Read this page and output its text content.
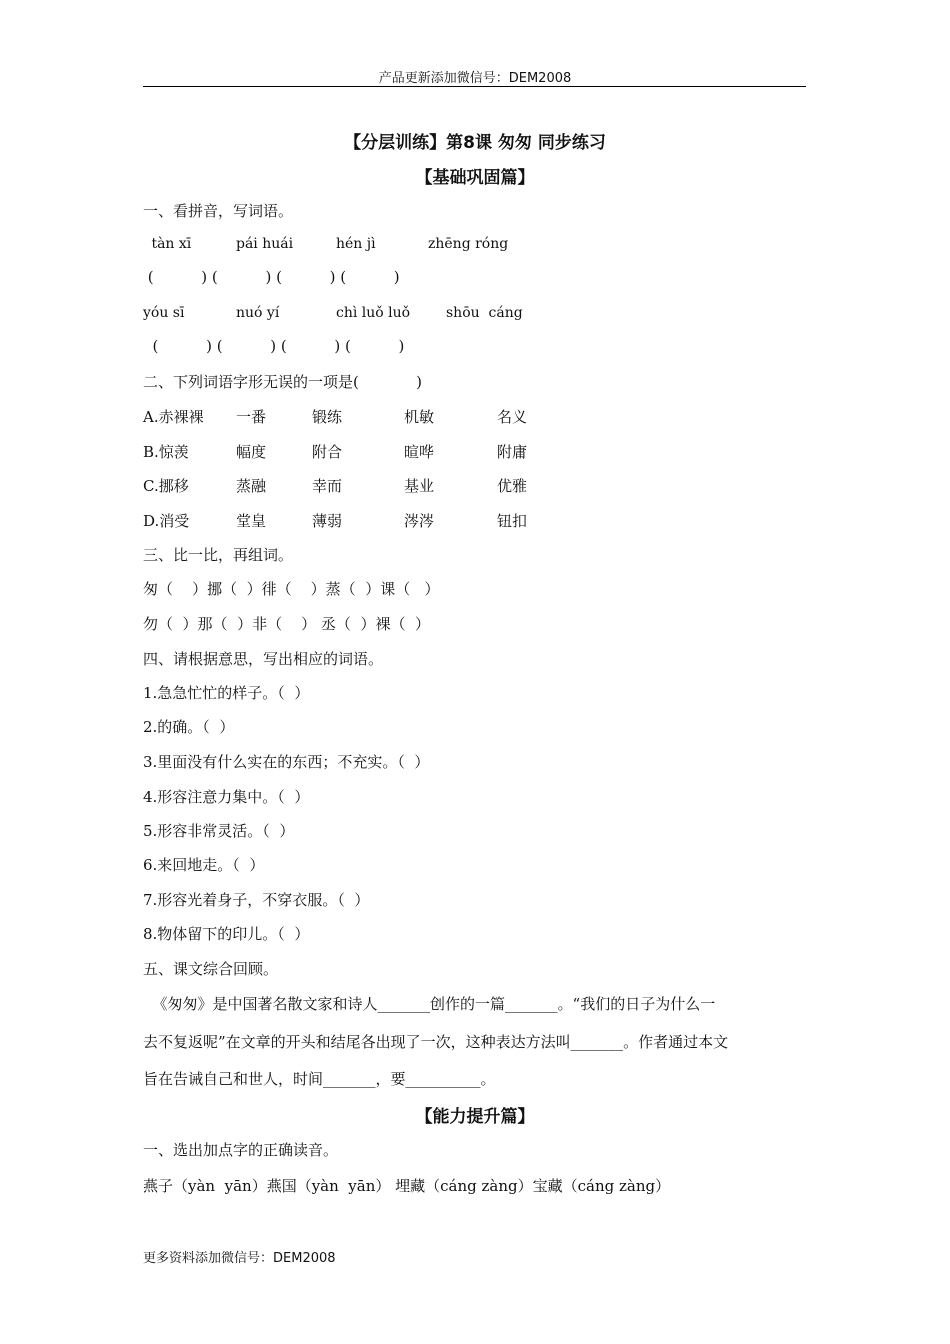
产品更新添加微信号：DEM2008
【分层训练】第8课 匆匆 同步练习
【基础巩固篇】
一、看拼音，写词语。
tàn xī	pái huái	hén jì	zhēng róng
(          ) (          ) (          ) (          )
yóu sī	nuó yí	chì luǒ luǒ	shōu  cáng
(          ) (          ) (          ) (          )
二、下列词语字形无误的一项是(            )
A.赤裸裸 一番	锻练	机敏	名义
B.惊羡	幅度	附合	暄哗	附庸
C.挪移	蒸融	幸而	基业	优雅
D.消受	堂皇	薄弱	涔涔	钮扣
三、比一比，再组词。
匆（    ）挪（  ）徘（    ）蒸（  ）课（   ）
勿（  ）那（  ）非（    ） 丞（  ）裸（  ）
四、请根据意思，写出相应的词语。
1.急急忙忙的样子。（  ）
2.的确。（  ）
3.里面没有什么实在的东西；不充实。（  ）
4.形容注意力集中。（  ）
5.形容非常灵活。（  ）
6.来回地走。（  ）
7.形容光着身子，不穿衣服。（  ）
8.物体留下的印儿。（  ）
五、课文综合回顾。
《匆匆》是中国著名散文家和诗人_______创作的一篇_______。“我们的日子为什么一
去不复返呢”在文章的开头和结尾各出现了一次，这种表达方法叫_______。作者通过本文
旨在告诫自己和世人，时间_______，要__________。
【能力提升篇】
一、选出加点字的正确读音。
燕子（yàn  yān）燕国（yàn  yān） 埋藏（cáng zàng）宝藏（cáng zàng）
更多资料添加微信号：DEM2008
